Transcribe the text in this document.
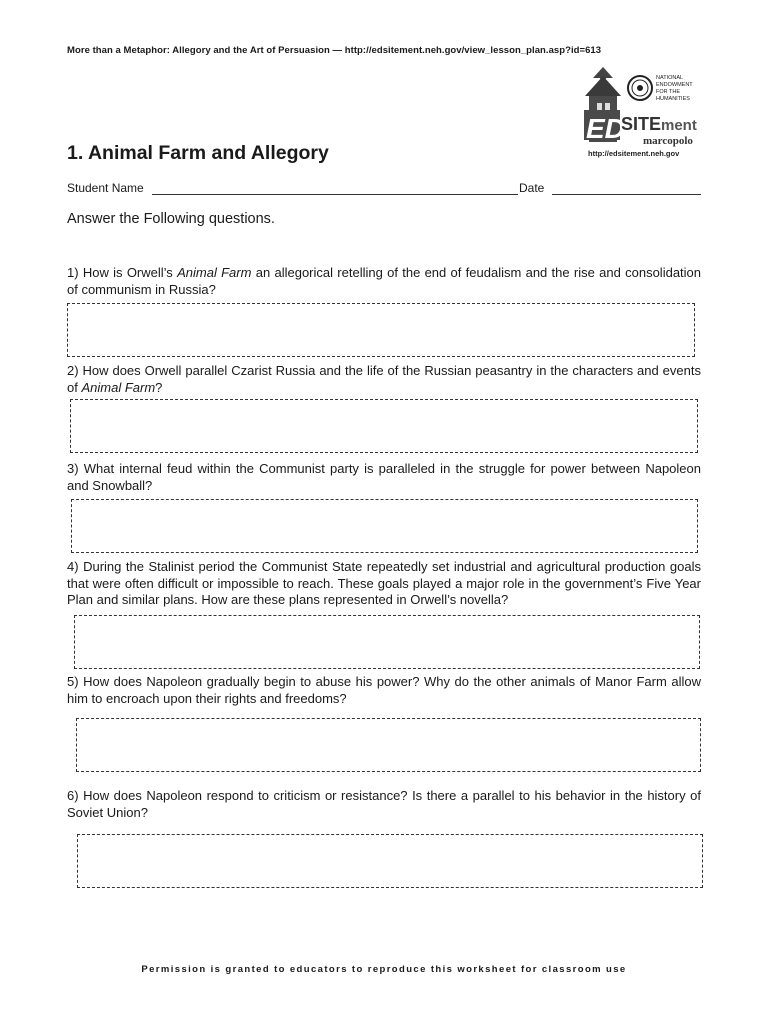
More than a Metaphor: Allegory and the Art of Persuasion — http://edsitement.neh.gov/view_lesson_plan.asp?id=613
NATIONAL
ENDOWMENT
FOR THE
HUMANITIES
ED
SITE ment
marcopolo
http://edsitement.neh.gov
1. Animal Farm and Allegory
Student Name	Date
Answer the Following questions.
1) How is Orwell’s Animal Farm an allegorical retelling of the end of feudalism and the rise and consolidation of communism in Russia?
2) How does Orwell parallel Czarist Russia and the life of the Russian peasantry in the characters and events of Animal Farm?
3) What internal feud within the Communist party is paralleled in the struggle for power between Napoleon and Snowball?
4) During the Stalinist period the Communist State repeatedly set industrial and agricultural production goals that were often difficult or impossible to reach. These goals played a major role in the government’s Five Year Plan and similar plans. How are these plans represented in Orwell’s novella?
5) How does Napoleon gradually begin to abuse his power? Why do the other animals of Manor Farm allow him to encroach upon their rights and freedoms?
6) How does Napoleon respond to criticism or resistance? Is there a parallel to his behavior in the history of Soviet Union?
Permission is granted to educators to reproduce this worksheet for classroom use
